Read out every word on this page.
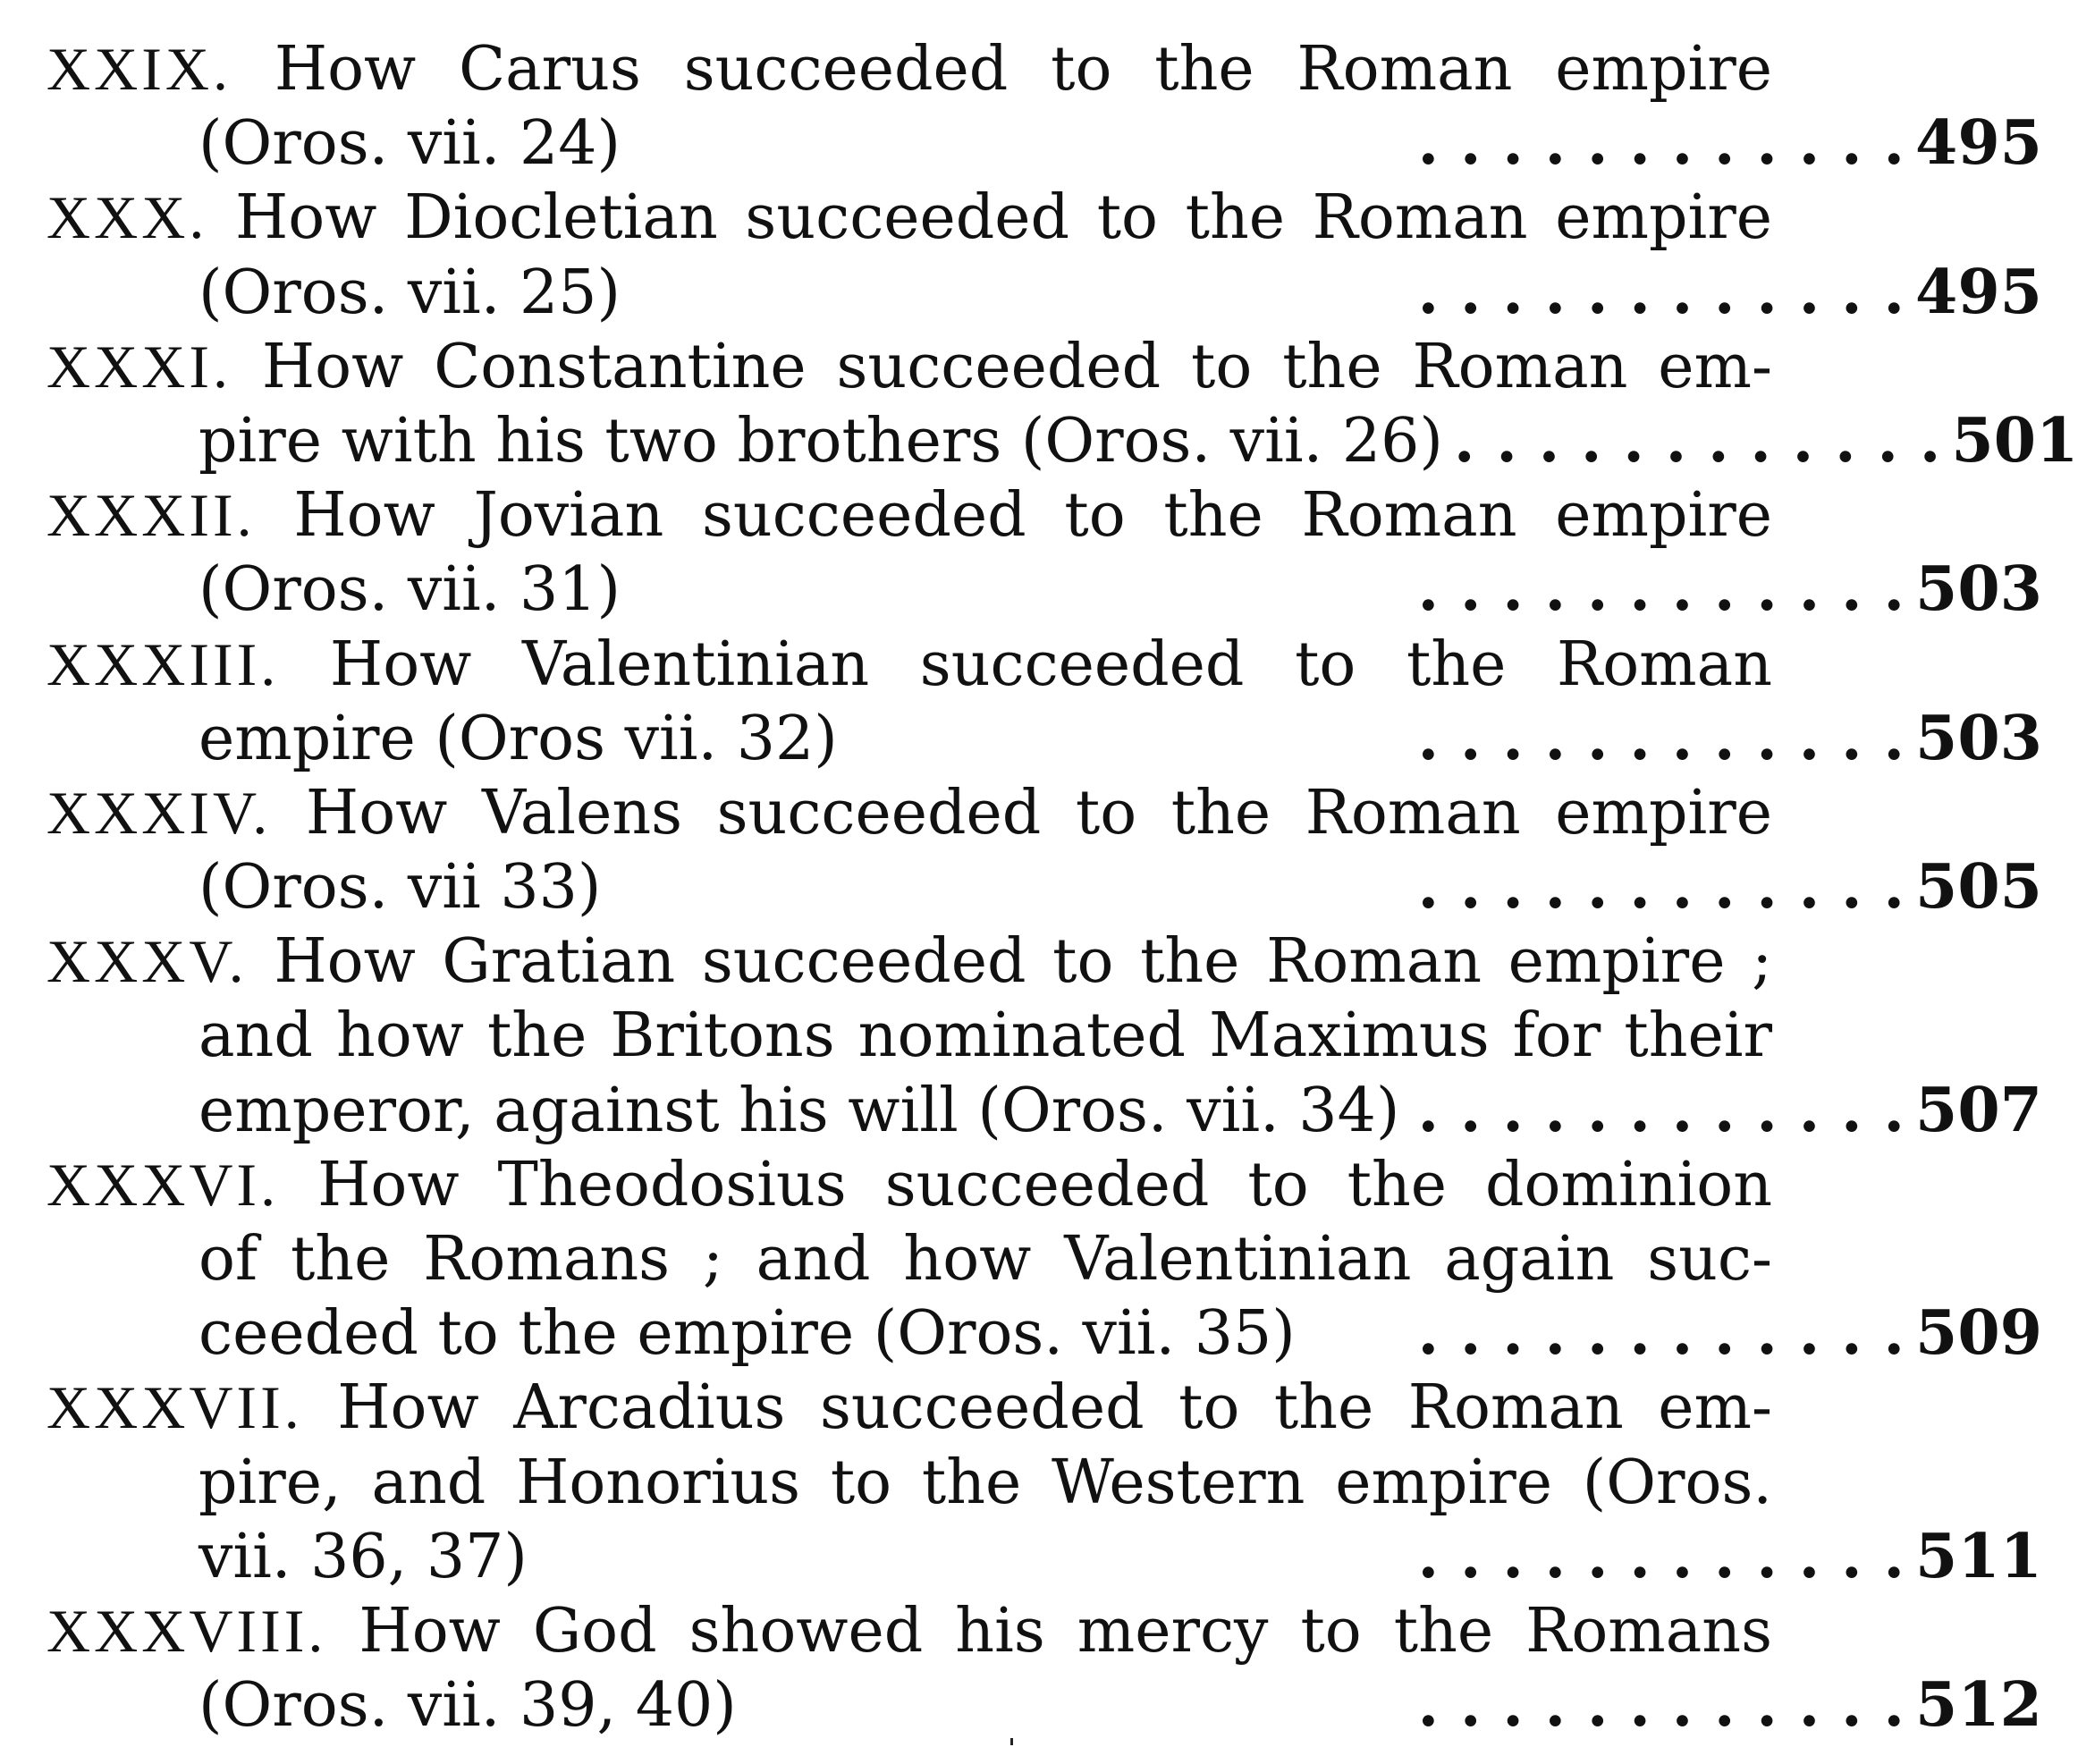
XXIX. How Carus succeeded to the Roman empire
(Oros. vii. 24) .	495
XXX. How Diocletian succeeded to the Roman empire
(Oros. vii. 25) .	495
XXXI. How Constantine succeeded to the Roman em-
pire with his two brothers (Oros. vii. 26) .	501
XXXII. How Jovian succeeded to the Roman empire
(Oros. vii. 31) .	503
XXXIII. How Valentinian succeeded to the Roman
empire (Oros vii. 32) .	503
XXXIV. How Valens succeeded to the Roman empire
(Oros. vii 33) .	505
XXXV. How Gratian succeeded to the Roman empire ;
and how the Britons nominated Maximus for their
emperor, against his will (Oros. vii. 34) .	507
XXXVI. How Theodosius succeeded to the dominion
of the Romans ; and how Valentinian again suc-
ceeded to the empire (Oros. vii. 35) .	509
XXXVII. How Arcadius succeeded to the Roman em-
pire, and Honorius to the Western empire (Oros.
vii. 36, 37) .	511
XXXVIII. How God showed his mercy to the Romans
(Oros. vii. 39, 40) .	512
